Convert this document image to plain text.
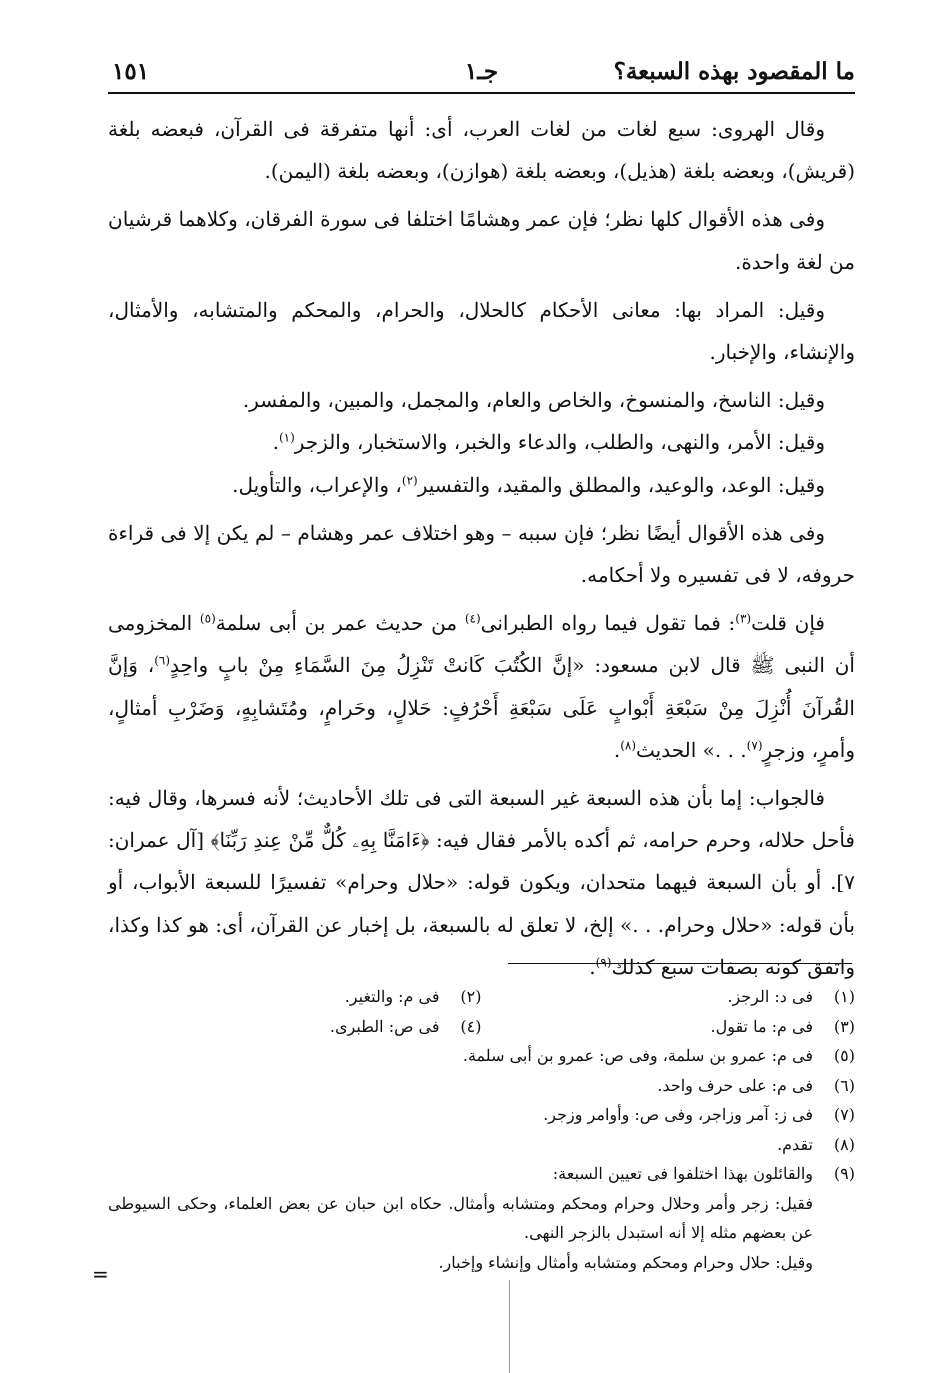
ما المقصود بهذه السبعة؟
جـ١
١٥١

وقال الهروى: سبع لغات من لغات العرب، أى: أنها متفرقة فى القرآن، فبعضه بلغة (قريش)، وبعضه بلغة (هذيل)، وبعضه بلغة (هوازن)، وبعضه بلغة (اليمن).

وفى هذه الأقوال كلها نظر؛ فإن عمر وهشامًا اختلفا فى سورة الفرقان، وكلاهما قرشيان من لغة واحدة.

وقيل: المراد بها: معانى الأحكام كالحلال، والحرام، والمحكم والمتشابه، والأمثال، والإنشاء، والإخبار.

وقيل: الناسخ، والمنسوخ، والخاص والعام، والمجمل، والمبين، والمفسر.

وقيل: الأمر، والنهى، والطلب، والدعاء والخبر، والاستخبار، والزجر$^{(١)}$.

وقيل: الوعد، والوعيد، والمطلق والمقيد، والتفسير$^{(٢)}$، والإعراب، والتأويل.

وفى هذه الأقوال أيضًا نظر؛ فإن سببه – وهو اختلاف عمر وهشام – لم يكن إلا فى قراءة حروفه، لا فى تفسيره ولا أحكامه.

فإن قلت$^{(٣)}$: فما تقول فيما رواه الطبرانى$^{(٤)}$ من حديث عمر بن أبى سلمة$^{(٥)}$ المخزومى أن النبى ﷺ قال لابن مسعود: «إنَّ الكُتُبَ كَانتْ تَنْزِلُ مِنَ السَّمَاءِ مِنْ بابٍ واحِدٍ$^{(٦)}$، وَإنَّ القُرآنَ أُنْزِلَ مِنْ سَبْعَةِ أَبْوابٍ عَلَى سَبْعَةِ أَحْرُفٍ: حَلالٍ، وحَرامٍ، ومُتَشابِهٍ، وَضَرْبِ أمثالٍ، وأمرٍ، وزجرٍ$^{(٧)}$. . .» الحديث$^{(٨)}$.

فالجواب: إما بأن هذه السبعة غير السبعة التى فى تلك الأحاديث؛ لأنه فسرها، وقال فيه: فأحل حلاله، وحرم حرامه، ثم أكده بالأمر فقال فيه: ﴿ءَامَنَّا بِهِۦ كُلٌّ مِّنْ عِندِ رَبِّنَا﴾ [آل عمران: ٧]. أو بأن السبعة فيهما متحدان، ويكون قوله: «حلال وحرام» تفسيرًا للسبعة الأبواب، أو بأن قوله: «حلال وحرام. . .» إلخ، لا تعلق له بالسبعة، بل إخبار عن القرآن، أى: هو كذا وكذا، واتفق كونه بصفات سبع كذلك$^{(٩)}$.

(١)
فى د: الرجز.
(٢)
فى م: والتغير.
(٣)
فى م: ما تقول.
(٤)
فى ص: الطبرى.
(٥)
فى م: عمرو بن سلمة، وفى ص: عمرو بن أبى سلمة.
(٦)
فى م: على حرف واحد.
(٧)
فى ز: آمر وزاجر، وفى ص: وأوامر وزجر.
(٨)
تقدم.
(٩)
والقائلون بهذا اختلفوا فى تعيين السبعة:

فقيل: زجر وأمر وحلال وحرام ومحكم ومتشابه وأمثال. حكاه ابن حبان عن بعض العلماء، وحكى السيوطى عن بعضهم مثله إلا أنه استبدل بالزجر النهى.

وقيل: حلال وحرام ومحكم ومتشابه وأمثال وإنشاء وإخبار.

=
